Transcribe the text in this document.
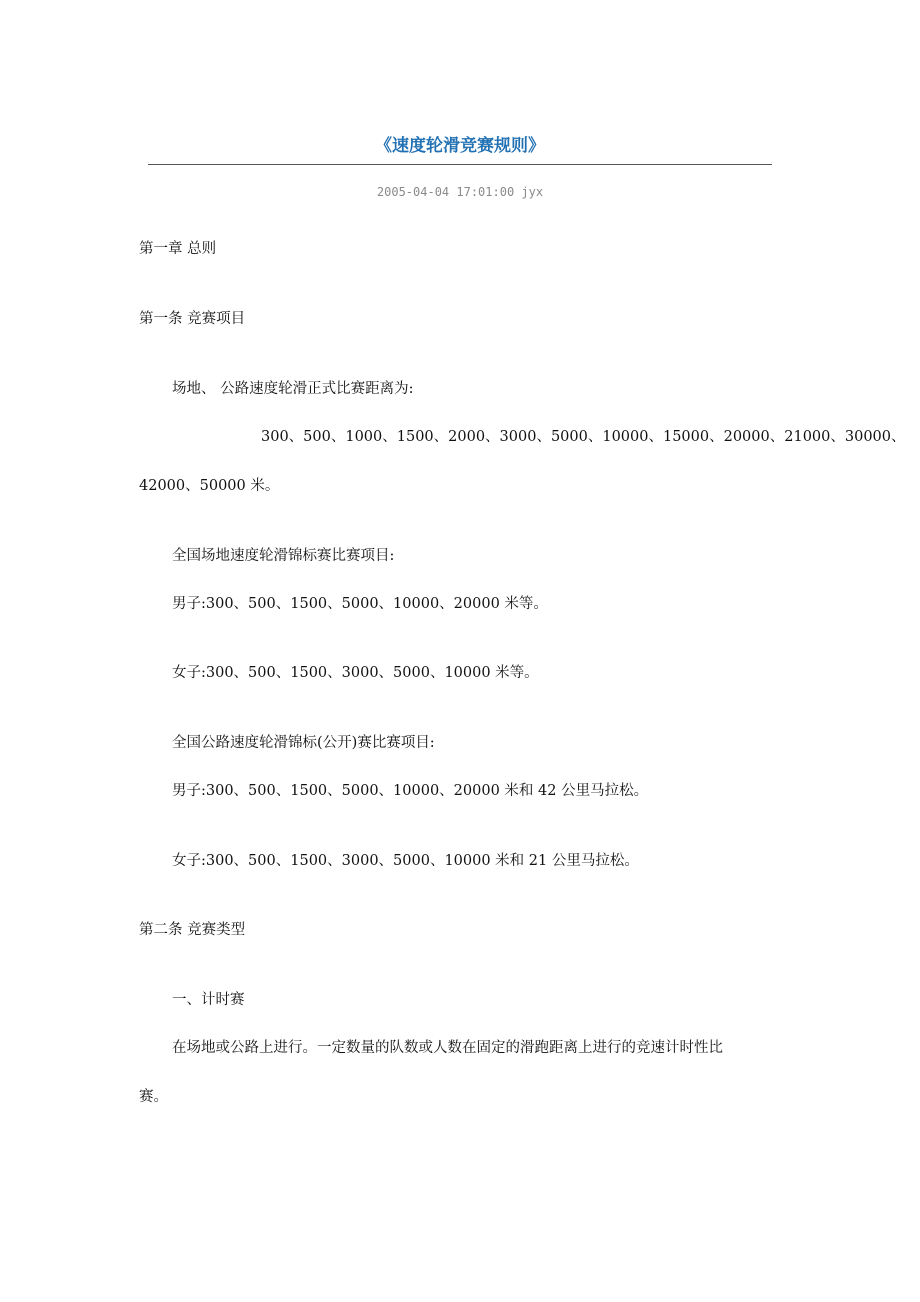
《速度轮滑竞赛规则》
2005-04-04 17:01:00 jyx
第一章 总则
第一条 竞赛项目
场地、 公路速度轮滑正式比赛距离为:
300、500、1000、1500、2000、3000、5000、10000、15000、20000、21000、30000、
42000、50000 米。
全国场地速度轮滑锦标赛比赛项目:
男子:300、500、1500、5000、10000、20000 米等。
女子:300、500、1500、3000、5000、10000 米等。
全国公路速度轮滑锦标(公开)赛比赛项目:
男子:300、500、1500、5000、10000、20000 米和 42 公里马拉松。
女子:300、500、1500、3000、5000、10000 米和 21 公里马拉松。
第二条 竞赛类型
一、计时赛
在场地或公路上进行。一定数量的队数或人数在固定的滑跑距离上进行的竞速计时性比
赛。
